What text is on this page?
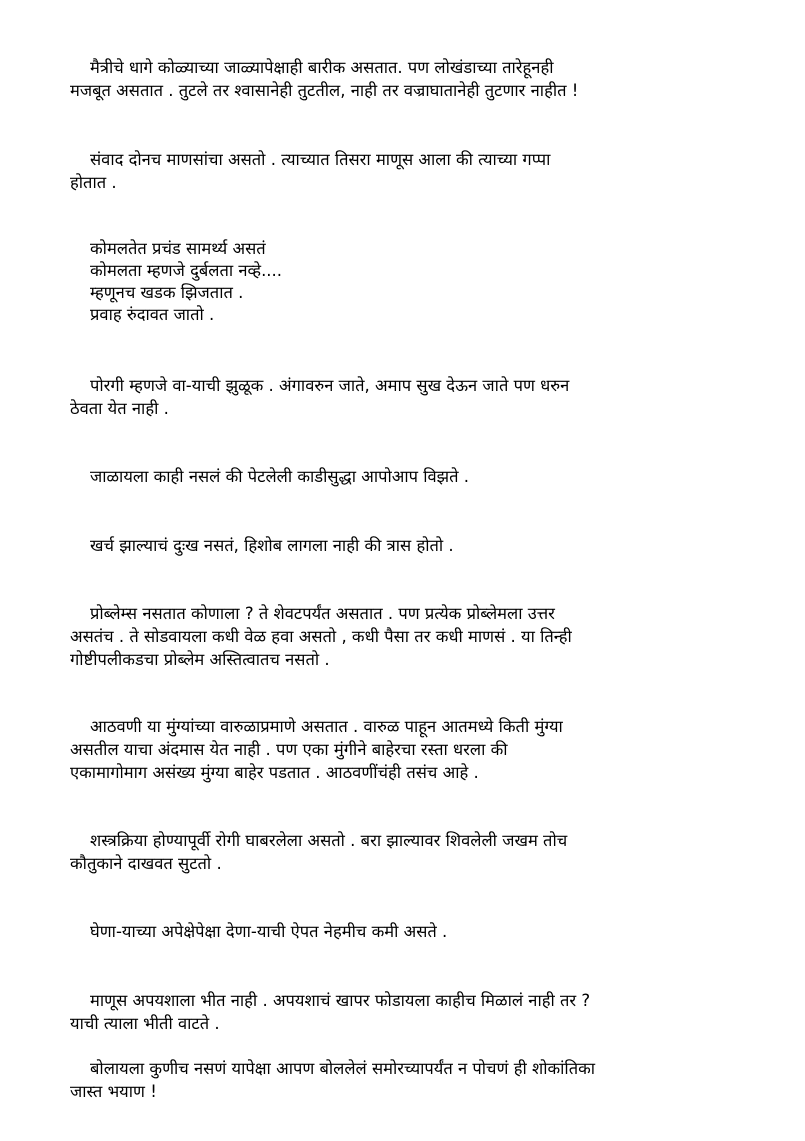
मैत्रीचे धागे कोळ्याच्या जाळ्यापेक्षाही बारीक असतात. पण लोखंडाच्या तारेहूनही
मजबूत असतात . तुटले तर श्वासानेही तुटतील, नाही तर वज्राघातानेही तुटणार नाहीत !
संवाद दोनच माणसांचा असतो . त्याच्यात तिसरा माणूस आला की त्याच्या गप्पा
होतात .
कोमलतेत प्रचंड सामर्थ्य असतं
कोमलता म्हणजे दुर्बलता नव्हे....
म्हणूनच खडक झिजतात .
प्रवाह रुंदावत जातो .
पोरगी म्हणजे वा-याची झुळूक . अंगावरुन जाते, अमाप सुख देऊन जाते पण धरुन
ठेवता येत नाही .
जाळायला काही नसलं की पेटलेली काडीसुद्धा आपोआप विझते .
खर्च झाल्याचं दुःख नसतं, हिशोब लागला नाही की त्रास होतो .
प्रोब्लेम्स नसतात कोणाला ? ते शेवटपर्यंत असतात . पण प्रत्येक प्रोब्लेमला उत्तर
असतंच . ते सोडवायला कधी वेळ हवा असतो , कधी पैसा तर कधी माणसं . या तिन्ही
गोष्टीपलीकडचा प्रोब्लेम अस्तित्वातच नसतो .
आठवणी या मुंग्यांच्या वारुळाप्रमाणे असतात . वारुळ पाहून आतमध्ये किती मुंग्या
असतील याचा अंदमास येत नाही . पण एका मुंगीने बाहेरचा रस्ता धरला की
एकामागोमाग असंख्य मुंग्या बाहेर पडतात . आठवणींचंही तसंच आहे .
शस्त्रक्रिया होण्यापूर्वी रोगी घाबरलेला असतो . बरा झाल्यावर शिवलेली जखम तोच
कौतुकाने दाखवत सुटतो .
घेणा-याच्या अपेक्षेपेक्षा देणा-याची ऐपत नेहमीच कमी असते .
माणूस अपयशाला भीत नाही . अपयशाचं खापर फोडायला काहीच मिळालं नाही तर ?
याची त्याला भीती वाटते .
बोलायला कुणीच नसणं यापेक्षा आपण बोललेलं समोरच्यापर्यंत न पोचणं ही शोकांतिका
जास्त भयाण !
